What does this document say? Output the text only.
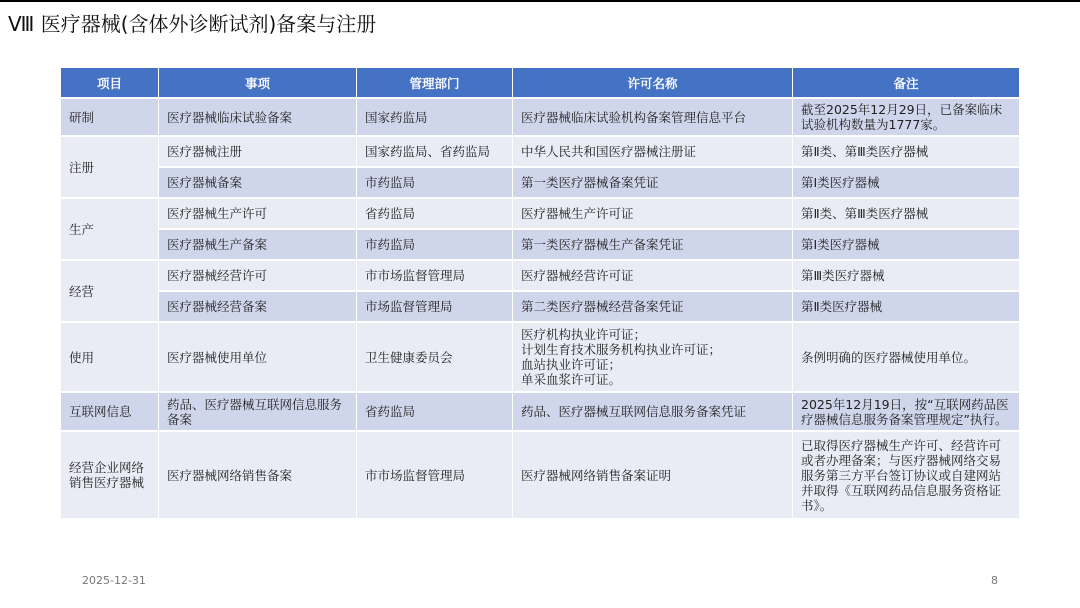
Ⅷ 医疗器械(含体外诊断试剂)备案与注册
项目	事项	管理部门	许可名称	备注
研制	医疗器械临床试验备案	国家药监局	医疗器械临床试验机构备案管理信息平台	截至2025年12月29日，已备案临床试验机构数量为1777家。
注册	医疗器械注册	国家药监局、省药监局	中华人民共和国医疗器械注册证	第Ⅱ类、第Ⅲ类医疗器械
	医疗器械备案	市药监局	第一类医疗器械备案凭证	第Ⅰ类医疗器械
生产	医疗器械生产许可	省药监局	医疗器械生产许可证	第Ⅱ类、第Ⅲ类医疗器械
	医疗器械生产备案	市药监局	第一类医疗器械生产备案凭证	第Ⅰ类医疗器械
经营	医疗器械经营许可	市市场监督管理局	医疗器械经营许可证	第Ⅲ类医疗器械
	医疗器械经营备案	市场监督管理局	第二类医疗器械经营备案凭证	第Ⅱ类医疗器械
使用	医疗器械使用单位	卫生健康委员会	医疗机构执业许可证；
计划生育技术服务机构执业许可证；
血站执业许可证；
单采血浆许可证。	条例明确的医疗器械使用单位。
互联网信息	药品、医疗器械互联网信息服务备案	省药监局	药品、医疗器械互联网信息服务备案凭证	2025年12月19日，按“互联网药品医疗器械信息服务备案管理规定”执行。
经营企业网络销售医疗器械	医疗器械网络销售备案	市市场监督管理局	医疗器械网络销售备案证明	已取得医疗器械生产许可、经营许可或者办理备案；与医疗器械网络交易服务第三方平台签订协议或自建网站并取得《互联网药品信息服务资格证书》。
2025-12-31	8
